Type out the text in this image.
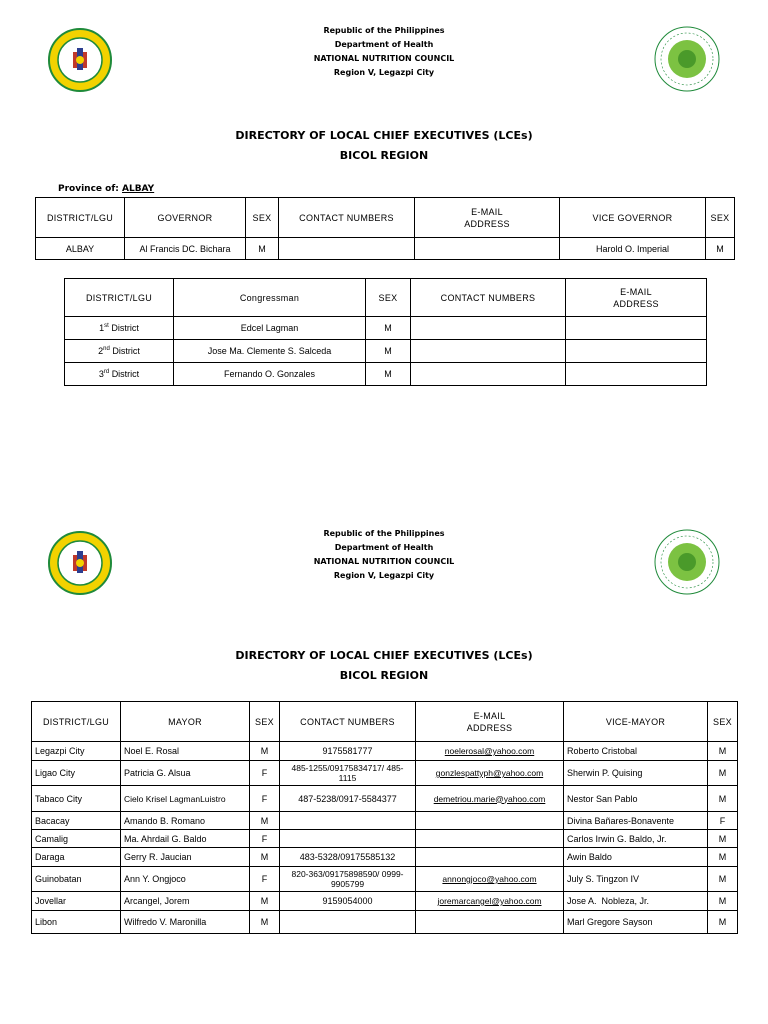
Republic of the Philippines
Department of Health
NATIONAL NUTRITION COUNCIL
Region V, Legazpi City
DIRECTORY OF LOCAL CHIEF EXECUTIVES (LCEs)
BICOL REGION
Province of: ALBAY
DISTRICT/LGU	GOVERNOR	SEX	CONTACT NUMBERS	E-MAIL
ADDRESS	VICE GOVERNOR	SEX
ALBAY	Al Francis DC. Bichara	M			Harold O. Imperial	M
DISTRICT/LGU	Congressman	SEX	CONTACT NUMBERS	E-MAIL
ADDRESS
1st District	Edcel Lagman	M		
2nd District	Jose Ma. Clemente S. Salceda	M		
3rd District	Fernando O. Gonzales	M		
Republic of the Philippines
Department of Health
NATIONAL NUTRITION COUNCIL
Region V, Legazpi City
DIRECTORY OF LOCAL CHIEF EXECUTIVES (LCEs)
BICOL REGION
DISTRICT/LGU	MAYOR	SEX	CONTACT NUMBERS	E-MAIL
ADDRESS	VICE-MAYOR	SEX
Legazpi City	Noel E. Rosal	M	9175581777	noelerosal@yahoo.com	Roberto Cristobal	M
Ligao City	Patricia G. Alsua	F	485-1255/09175834717/ 485-1115	gonzlespattyph@yahoo.com	Sherwin P. Quising	M
Tabaco City	Cielo Krisel LagmanLuistro	F	487-5238/0917-5584377	demetriou.marie@yahoo.com	Nestor San Pablo	M
Bacacay	Amando B. Romano	M			Divina Bañares-Bonavente	F
Camalig	Ma. Ahrdail G. Baldo	F			Carlos Irwin G. Baldo, Jr.	M
Daraga	Gerry R. Jaucian	M	483-5328/09175585132		Awin Baldo	M
Guinobatan	Ann Y. Ongjoco	F	820-363/09175898590/ 0999-9905799	annongjoco@yahoo.com	July S. Tingzon IV	M
Jovellar	Arcangel, Jorem	M	9159054000	joremarcangel@yahoo.com	Jose A.  Nobleza, Jr.	M
Libon	Wilfredo V. Maronilla	M			Marl Gregore Sayson	M
